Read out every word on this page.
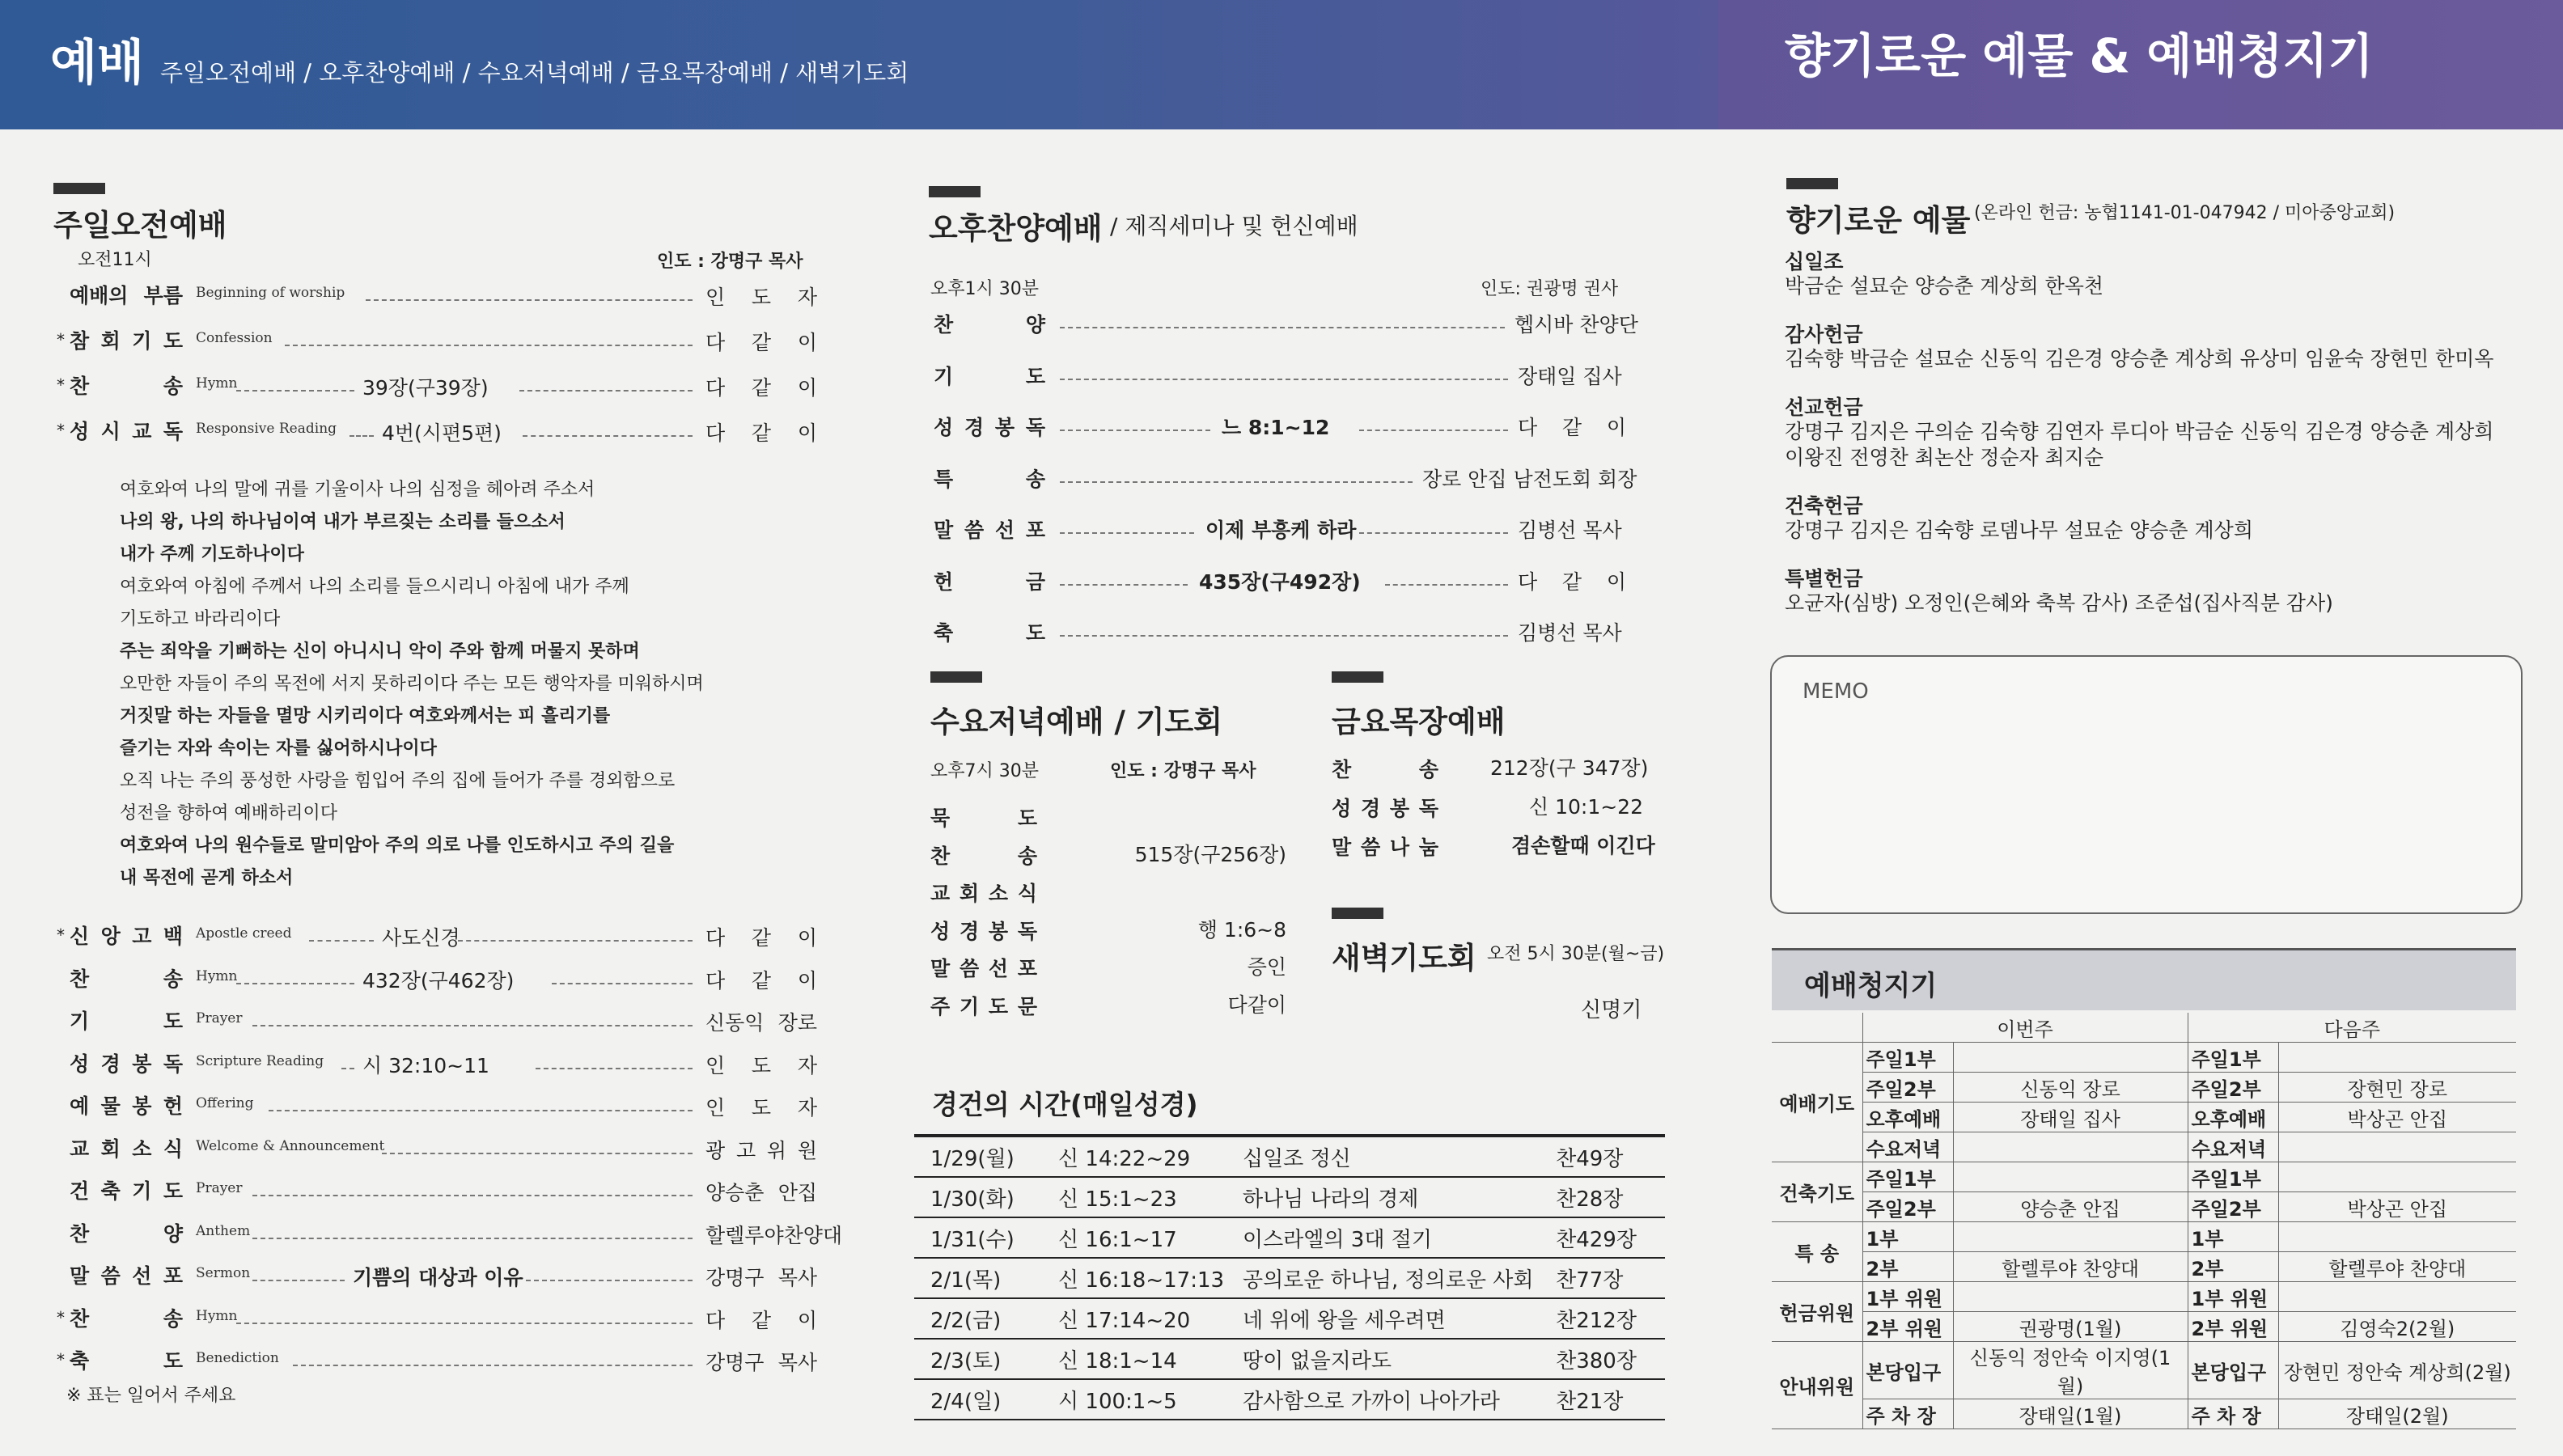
예배 주일오전예배 / 오후찬양예배 / 수요저녁예배 / 금요목장예배 / 새벽기도회	향기로운 예물 & 예배청지기
주일오전예배
오전11시	인도 : 강명구 목사
예배의 부름 Beginning of worship	인 도 자
* 참 회 기 도 Confession	다 같 이
* 찬 송 Hymn	39장(구39장)	다 같 이
* 성 시 교 독 Responsive Reading 4번(시편5편)	다 같 이
여호와여 나의 말에 귀를 기울이사 나의 심정을 헤아려 주소서
나의 왕, 나의 하나님이여 내가 부르짖는 소리를 들으소서
내가 주께 기도하나이다
여호와여 아침에 주께서 나의 소리를 들으시리니 아침에 내가 주께
기도하고 바라리이다
주는 죄악을 기뻐하는 신이 아니시니 악이 주와 함께 머물지 못하며
오만한 자들이 주의 목전에 서지 못하리이다 주는 모든 행악자를 미워하시며
거짓말 하는 자들을 멸망 시키리이다 여호와께서는 피 흘리기를
즐기는 자와 속이는 자를 싫어하시나이다
오직 나는 주의 풍성한 사랑을 힘입어 주의 집에 들어가 주를 경외함으로
성전을 향하여 예배하리이다
여호와여 나의 원수들로 말미암아 주의 의로 나를 인도하시고 주의 길을
내 목전에 곧게 하소서
* 신 앙 고 백 Apostle creed	사도신경	다 같 이
찬 송 Hymn	432장(구462장)	다 같 이
기 도 Prayer	신동익 장로
성 경 봉 독 Scripture Reading 시 32:10~11	인 도 자
예 물 봉 헌 Offering	인 도 자
교 회 소 식 Welcome & Announcement	광 고 위 원
건 축 기 도 Prayer	양승춘 안집
찬 양 Anthem	할렐루야찬양대
말 씀 선 포 Sermon	기쁨의 대상과 이유	강명구 목사
* 찬 송 Hymn	다 같 이
* 축 도 Benediction	강명구 목사
※ 표는 일어서 주세요
오후찬양예배 / 제직세미나 및 헌신예배
오후1시 30분	인도: 권광명 권사
찬 양	헵시바 찬양단
기 도	장태일 집사
성 경 봉 독	느 8:1~12	다 같 이
특 송	장로 안집 남전도회 회장
말 씀 선 포	이제 부흥케 하라	김병선 목사
헌 금	435장(구492장)	다 같 이
축 도	김병선 목사
수요저녁예배 / 기도회
오후7시 30분	인도 : 강명구 목사
묵 도
찬 송	515장(구256장)
교 회 소 식
성 경 봉 독	행 1:6~8
말 씀 선 포	증인
주 기 도 문	다같이
금요목장예배
찬 송	212장(구 347장)
성 경 봉 독	신 10:1~22
말 씀 나 눔	겸손할때 이긴다
새벽기도회 오전 5시 30분(월~금)
신명기
경건의 시간(매일성경)
1/29(월)	신 14:22~29	십일조 정신	찬49장
1/30(화)	신 15:1~23	하나님 나라의 경제	찬28장
1/31(수)	신 16:1~17	이스라엘의 3대 절기	찬429장
2/1(목)	신 16:18~17:13	공의로운 하나님, 정의로운 사회	찬77장
2/2(금)	신 17:14~20	네 위에 왕을 세우려면	찬212장
2/3(토)	신 18:1~14	땅이 없을지라도	찬380장
2/4(일)	시 100:1~5	감사함으로 가까이 나아가라	찬21장
향기로운 예물 (온라인 헌금: 농협1141-01-047942 / 미아중앙교회)
십일조
박금순 설묘순 양승춘 계상희 한옥천
감사헌금
김숙향 박금순 설묘순 신동익 김은경 양승춘 계상희 유상미 임윤숙 장현민 한미옥
선교헌금
강명구 김지은 구의순 김숙향 김연자 루디아 박금순 신동익 김은경 양승춘 계상희
이왕진 전영찬 최논산 정순자 최지순
건축헌금
강명구 김지은 김숙향 로뎀나무 설묘순 양승춘 계상희
특별헌금
오균자(심방) 오정인(은혜와 축복 감사) 조준섭(집사직분 감사)
MEMO
예배청지기
	이번주		다음주	
예배기도	주일1부		주일1부	
	주일2부	신동익 장로	주일2부	장현민 장로
	오후예배	장태일 집사	오후예배	박상곤 안집
	수요저녁		수요저녁	
건축기도	주일1부		주일1부	
	주일2부	양승춘 안집	주일2부	박상곤 안집
특 송	1부		1부	
	2부	할렐루야 찬양대	2부	할렐루야 찬양대
헌금위원	1부 위원		1부 위원	
	2부 위원	권광명(1월)	2부 위원	김영숙2(2월)
안내위원	본당입구	신동익 정안숙 이지영(1월)	본당입구	장현민 정안숙 계상희(2월)
	주 차 장	장태일(1월)	주 차 장	장태일(2월)
